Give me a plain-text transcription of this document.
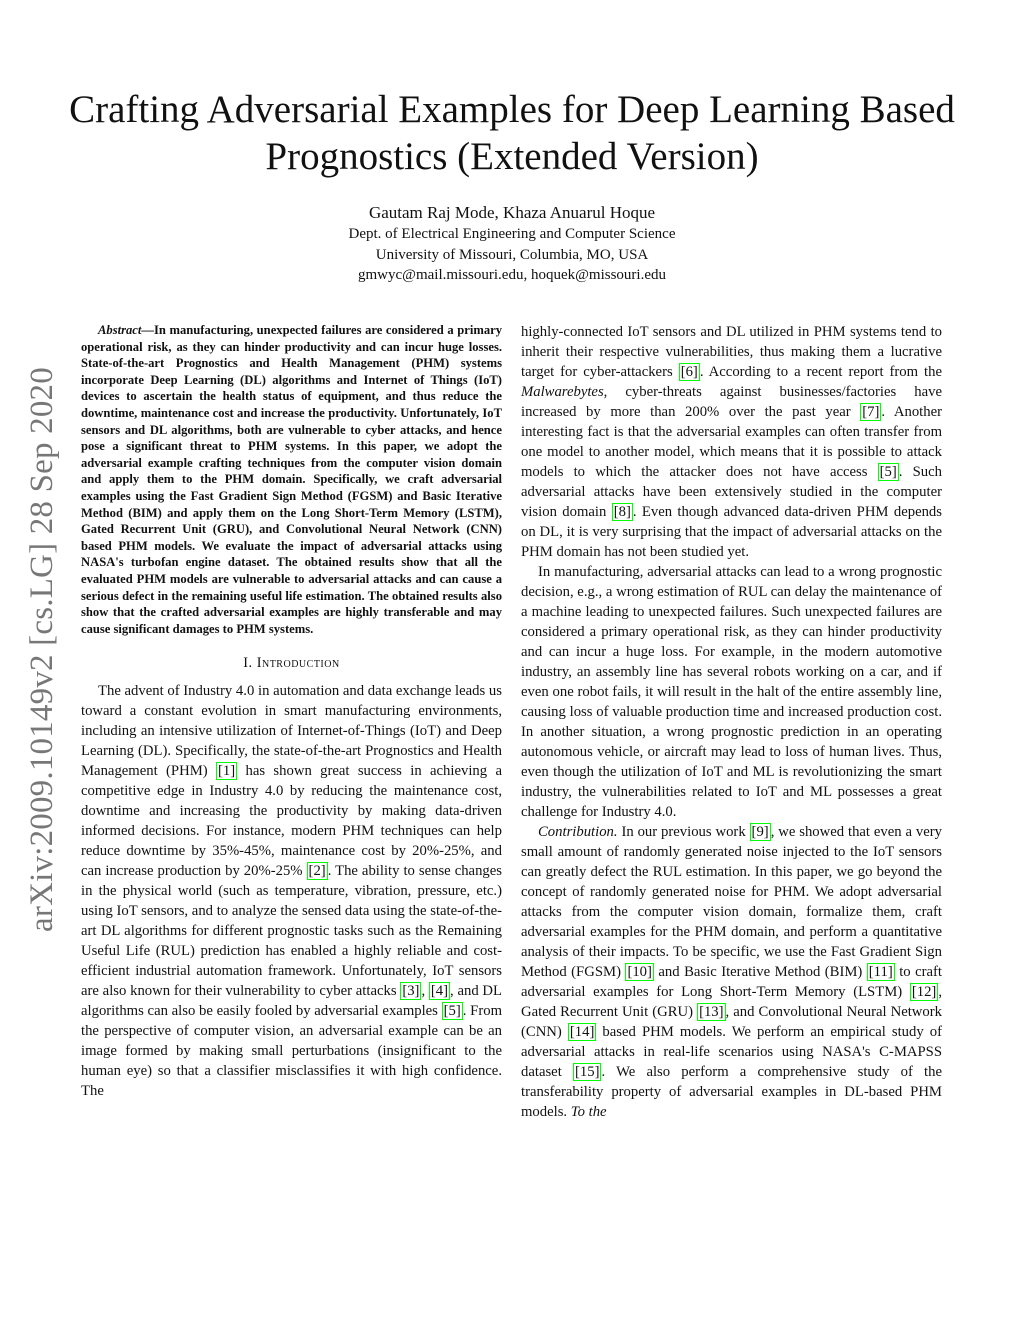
arXiv:2009.10149v2 [cs.LG] 28 Sep 2020
Crafting Adversarial Examples for Deep Learning Based Prognostics (Extended Version)
Gautam Raj Mode, Khaza Anuarul Hoque
Dept. of Electrical Engineering and Computer Science
University of Missouri, Columbia, MO, USA
gmwyc@mail.missouri.edu, hoquek@missouri.edu

Abstract—In manufacturing, unexpected failures are considered a primary operational risk, as they can hinder productivity and can incur huge losses. State-of-the-art Prognostics and Health Management (PHM) systems incorporate Deep Learning (DL) algorithms and Internet of Things (IoT) devices to ascertain the health status of equipment, and thus reduce the downtime, maintenance cost and increase the productivity. Unfortunately, IoT sensors and DL algorithms, both are vulnerable to cyber attacks, and hence pose a significant threat to PHM systems. In this paper, we adopt the adversarial example crafting techniques from the computer vision domain and apply them to the PHM domain. Specifically, we craft adversarial examples using the Fast Gradient Sign Method (FGSM) and Basic Iterative Method (BIM) and apply them on the Long Short-Term Memory (LSTM), Gated Recurrent Unit (GRU), and Convolutional Neural Network (CNN) based PHM models. We evaluate the impact of adversarial attacks using NASA's turbofan engine dataset. The obtained results show that all the evaluated PHM models are vulnerable to adversarial attacks and can cause a serious defect in the remaining useful life estimation. The obtained results also show that the crafted adversarial examples are highly transferable and may cause significant damages to PHM systems.

I. Introduction

The advent of Industry 4.0 in automation and data exchange leads us toward a constant evolution in smart manufacturing environments, including an intensive utilization of Internet-of-Things (IoT) and Deep Learning (DL). Specifically, the state-of-the-art Prognostics and Health Management (PHM) [1] has shown great success in achieving a competitive edge in Industry 4.0 by reducing the maintenance cost, downtime and increasing the productivity by making data-driven informed decisions. For instance, modern PHM techniques can help reduce downtime by 35%-45%, maintenance cost by 20%-25%, and can increase production by 20%-25% [2] . The ability to sense changes in the physical world (such as temperature, vibration, pressure, etc.) using IoT sensors, and to analyze the sensed data using the state-of-the-art DL algorithms for different prognostic tasks such as the Remaining Useful Life (RUL) prediction has enabled a highly reliable and cost-efficient industrial automation framework. Unfortunately, IoT sensors are also known for their vulnerability to cyber attacks [3] , [4] , and DL algorithms can also be easily fooled by adversarial examples [5] . From the perspective of computer vision, an adversarial example can be an image formed by making small perturbations (insignificant to the human eye) so that a classifier misclassifies it with high confidence. The

highly-connected IoT sensors and DL utilized in PHM systems tend to inherit their respective vulnerabilities, thus making them a lucrative target for cyber-attackers [6] . According to a recent report from the Malwarebytes, cyber-threats against businesses/factories have increased by more than 200% over the past year [7] . Another interesting fact is that the adversarial examples can often transfer from one model to another model, which means that it is possible to attack models to which the attacker does not have access [5] . Such adversarial attacks have been extensively studied in the computer vision domain [8] . Even though advanced data-driven PHM depends on DL, it is very surprising that the impact of adversarial attacks on the PHM domain has not been studied yet.

In manufacturing, adversarial attacks can lead to a wrong prognostic decision, e.g., a wrong estimation of RUL can delay the maintenance of a machine leading to unexpected failures. Such unexpected failures are considered a primary operational risk, as they can hinder productivity and can incur a huge loss. For example, in the modern automotive industry, an assembly line has several robots working on a car, and if even one robot fails, it will result in the halt of the entire assembly line, causing loss of valuable production time and increased production cost. In another situation, a wrong prognostic prediction in an operating autonomous vehicle, or aircraft may lead to loss of human lives. Thus, even though the utilization of IoT and ML is revolutionizing the smart industry, the vulnerabilities related to IoT and ML possesses a great challenge for Industry 4.0.

Contribution. In our previous work [9] , we showed that even a very small amount of randomly generated noise injected to the IoT sensors can greatly defect the RUL estimation. In this paper, we go beyond the concept of randomly generated noise for PHM. We adopt adversarial attacks from the computer vision domain, formalize them, craft adversarial examples for the PHM domain, and perform a quantitative analysis of their impacts. To be specific, we use the Fast Gradient Sign Method (FGSM) [10] and Basic Iterative Method (BIM) [11] to craft adversarial examples for Long Short-Term Memory (LSTM) [12] , Gated Recurrent Unit (GRU) [13] , and Convolutional Neural Network (CNN) [14] based PHM models. We perform an empirical study of adversarial attacks in real-life scenarios using NASA's C-MAPSS dataset [15] . We also perform a comprehensive study of the transferability property of adversarial examples in DL-based PHM models. To the
